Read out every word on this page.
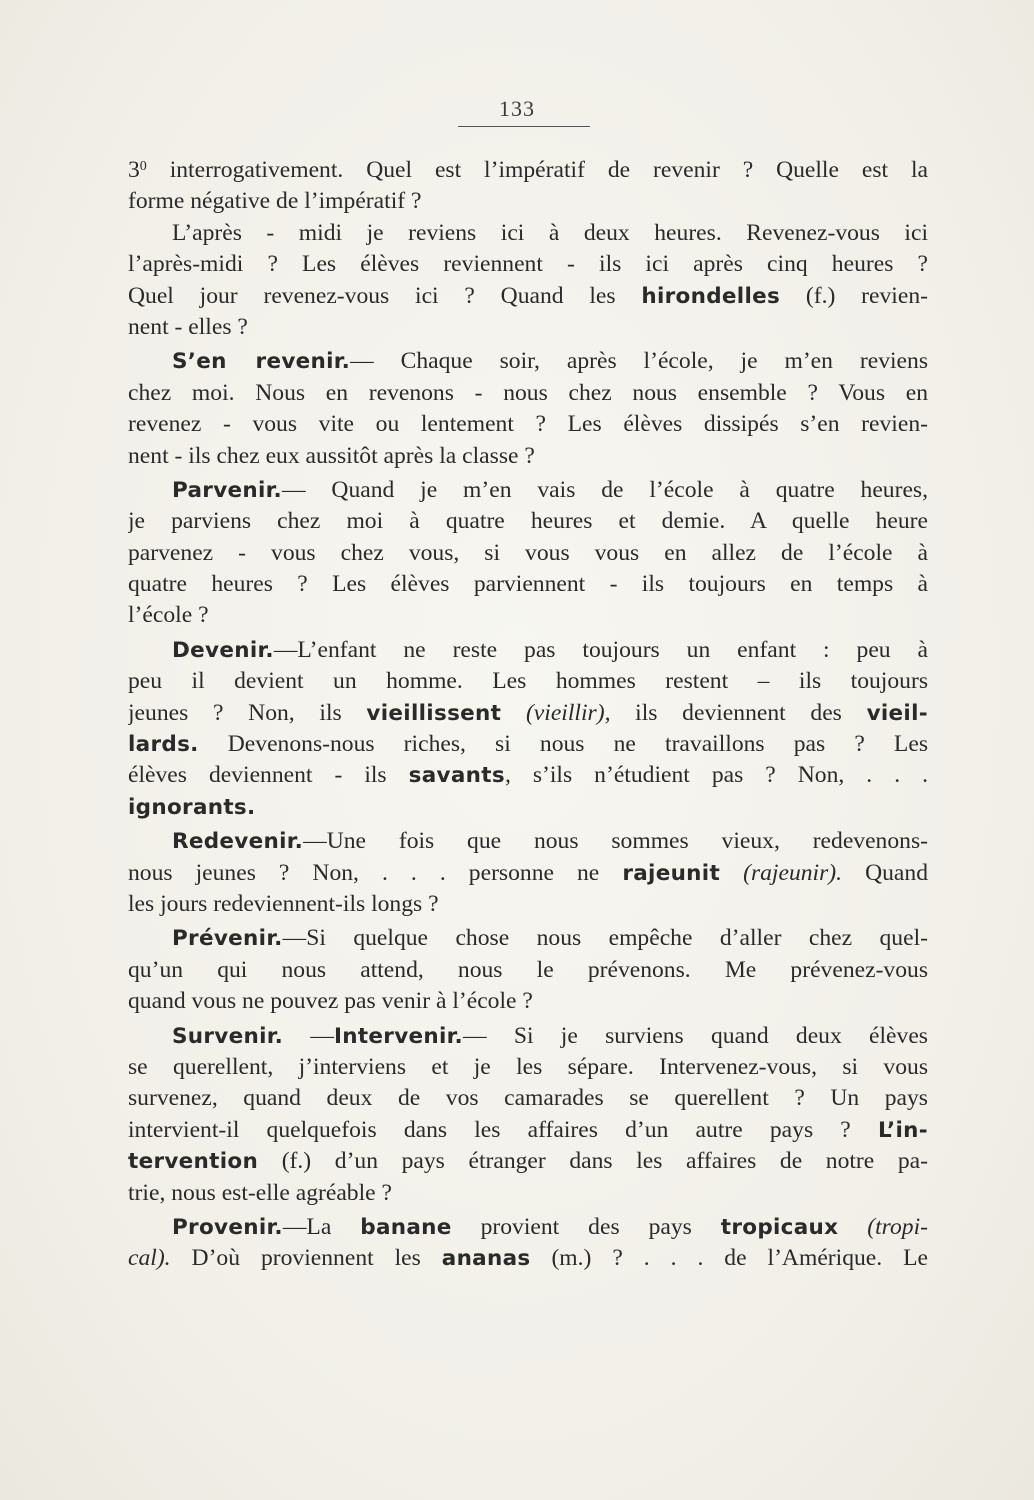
133
$3^0$ interrogativement. Quel est l’impératif de revenir ? Quelle est la
forme négative de l’impératif ?
L’après - midi je reviens ici à deux heures. Revenez-vous ici
l’après-midi ? Les élèves reviennent - ils ici après cinq heures ?
Quel jour revenez-vous ici ? Quand les hirondelles (f.) revien-
nent - elles ?
S’en revenir.— Chaque soir, après l’école, je m’en reviens
chez moi. Nous en revenons - nous chez nous ensemble ? Vous en
revenez - vous vite ou lentement ? Les élèves dissipés s’en revien-
nent - ils chez eux aussitôt après la classe ?
Parvenir.— Quand je m’en vais de l’école à quatre heures,
je parviens chez moi à quatre heures et demie. A quelle heure
parvenez - vous chez vous, si vous vous en allez de l’école à
quatre heures ? Les élèves parviennent - ils toujours en temps à
l’école ?
Devenir.—L’enfant ne reste pas toujours un enfant : peu à
peu il devient un homme. Les hommes restent – ils toujours
jeunes ? Non, ils vieillissent (vieillir), ils deviennent des vieil-
lards. Devenons-nous riches, si nous ne travaillons pas ? Les
élèves deviennent - ils savants, s’ils n’étudient pas ? Non, . . .
ignorants.
Redevenir.—Une fois que nous sommes vieux, redevenons-
nous jeunes ? Non, . . . personne ne rajeunit (rajeunir). Quand
les jours redeviennent-ils longs ?
Prévenir.—Si quelque chose nous empêche d’aller chez quel-
qu’un qui nous attend, nous le prévenons. Me prévenez-vous
quand vous ne pouvez pas venir à l’école ?
Survenir. —Intervenir.— Si je surviens quand deux élèves
se querellent, j’interviens et je les sépare. Intervenez-vous, si vous
survenez, quand deux de vos camarades se querellent ? Un pays
intervient-il quelquefois dans les affaires d’un autre pays ? L’in-
tervention (f.) d’un pays étranger dans les affaires de notre pa-
trie, nous est-elle agréable ?
Provenir.—La banane provient des pays tropicaux (tropi-
cal). D’où proviennent les ananas (m.) ? . . . de l’Amérique. Le
